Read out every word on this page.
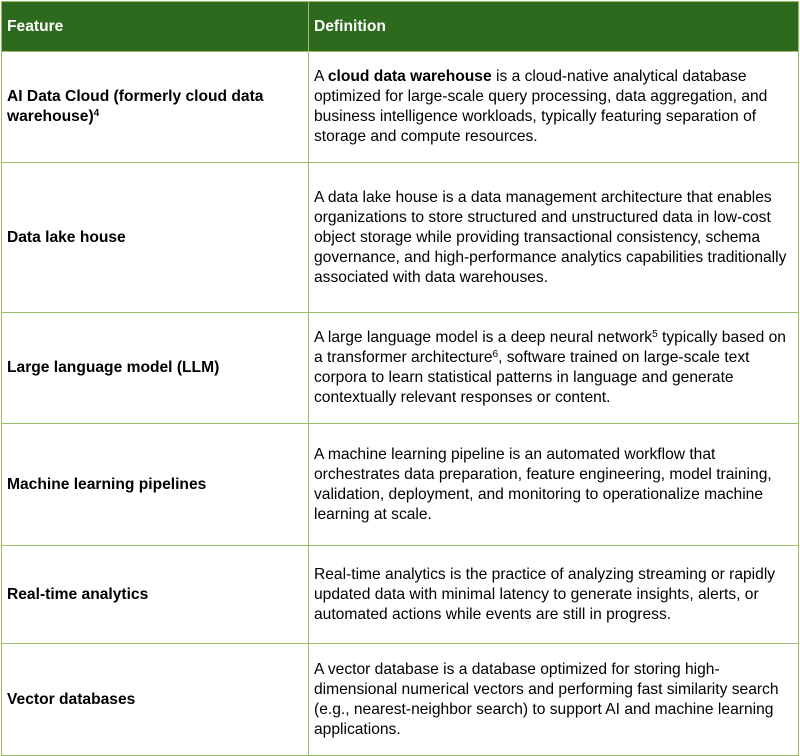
Feature	Definition
AI Data Cloud (formerly cloud data warehouse)$^4$	A cloud data warehouse is a cloud-native analytical database optimized for large-scale query processing, data aggregation, and business intelligence workloads, typically featuring separation of storage and compute resources.
Data lake house	A data lake house is a data management architecture that enables organizations to store structured and unstructured data in low-cost object storage while providing transactional consistency, schema governance, and high-performance analytics capabilities traditionally associated with data warehouses.
Large language model (LLM)	A large language model is a deep neural network$^5$ typically based on a transformer architecture$^6$, software trained on large-scale text corpora to learn statistical patterns in language and generate contextually relevant responses or content.
Machine learning pipelines	A machine learning pipeline is an automated workflow that orchestrates data preparation, feature engineering, model training, validation, deployment, and monitoring to operationalize machine learning at scale.
Real-time analytics	Real-time analytics is the practice of analyzing streaming or rapidly updated data with minimal latency to generate insights, alerts, or automated actions while events are still in progress.
Vector databases	A vector database is a database optimized for storing high-dimensional numerical vectors and performing fast similarity search (e.g., nearest-neighbor search) to support AI and machine learning applications.
